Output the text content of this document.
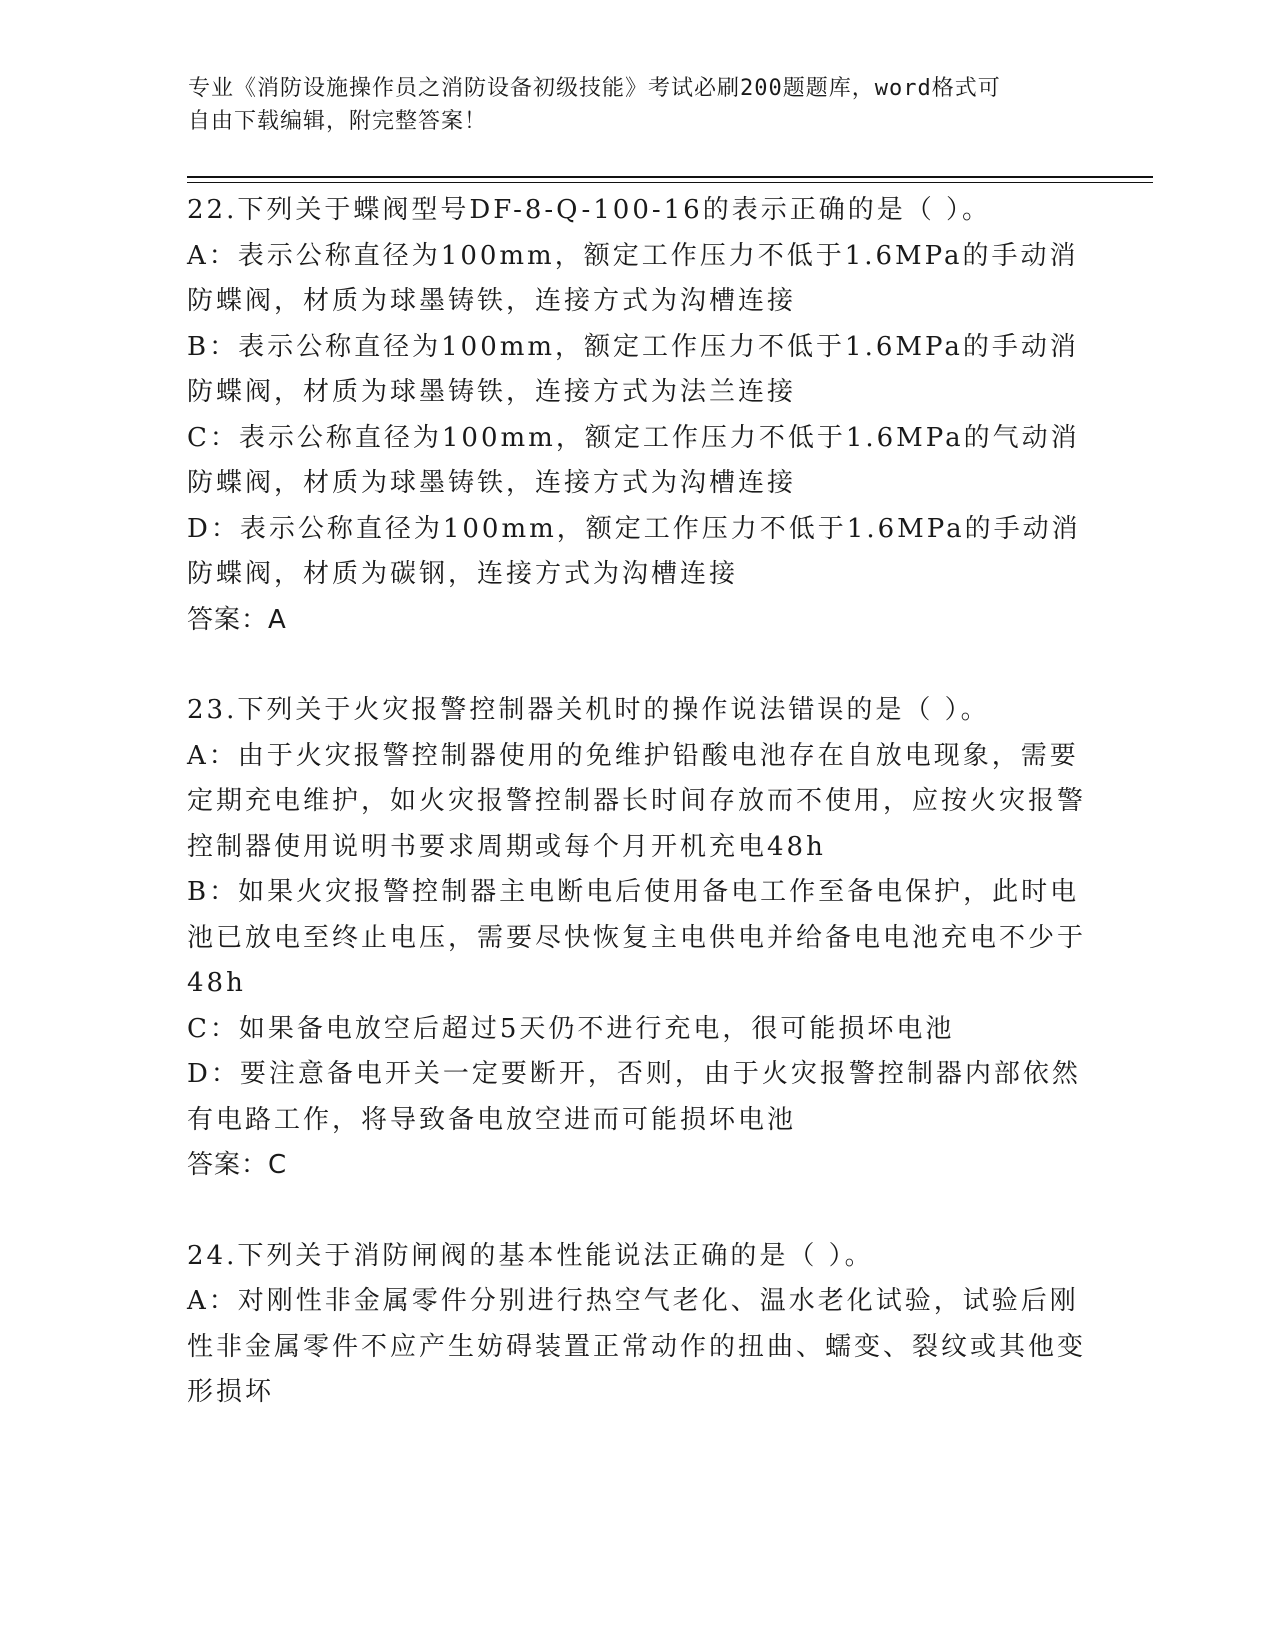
专业《消防设施操作员之消防设备初级技能》考试必刷200题题库，word格式可
自由下载编辑，附完整答案！

22.下列关于蝶阀型号DF-8-Q-100-16的表示正确的是（ ）。

A：表示公称直径为100mm，额定工作压力不低于1.6MPa的手动消防蝶阀，材质为球墨铸铁，连接方式为沟槽连接

B：表示公称直径为100mm，额定工作压力不低于1.6MPa的手动消防蝶阀，材质为球墨铸铁，连接方式为法兰连接

C：表示公称直径为100mm，额定工作压力不低于1.6MPa的气动消防蝶阀，材质为球墨铸铁，连接方式为沟槽连接

D：表示公称直径为100mm，额定工作压力不低于1.6MPa的手动消防蝶阀，材质为碳钢，连接方式为沟槽连接

答案：A

23.下列关于火灾报警控制器关机时的操作说法错误的是（ ）。

A：由于火灾报警控制器使用的免维护铅酸电池存在自放电现象，需要定期充电维护，如火灾报警控制器长时间存放而不使用，应按火灾报警控制器使用说明书要求周期或每个月开机充电48h

B：如果火灾报警控制器主电断电后使用备电工作至备电保护，此时电池已放电至终止电压，需要尽快恢复主电供电并给备电电池充电不少于48h

C：如果备电放空后超过5天仍不进行充电，很可能损坏电池

D：要注意备电开关一定要断开，否则，由于火灾报警控制器内部依然有电路工作，将导致备电放空进而可能损坏电池

答案：C

24.下列关于消防闸阀的基本性能说法正确的是（ ）。

A：对刚性非金属零件分别进行热空气老化、温水老化试验，试验后刚性非金属零件不应产生妨碍装置正常动作的扭曲、蠕变、裂纹或其他变形损坏
